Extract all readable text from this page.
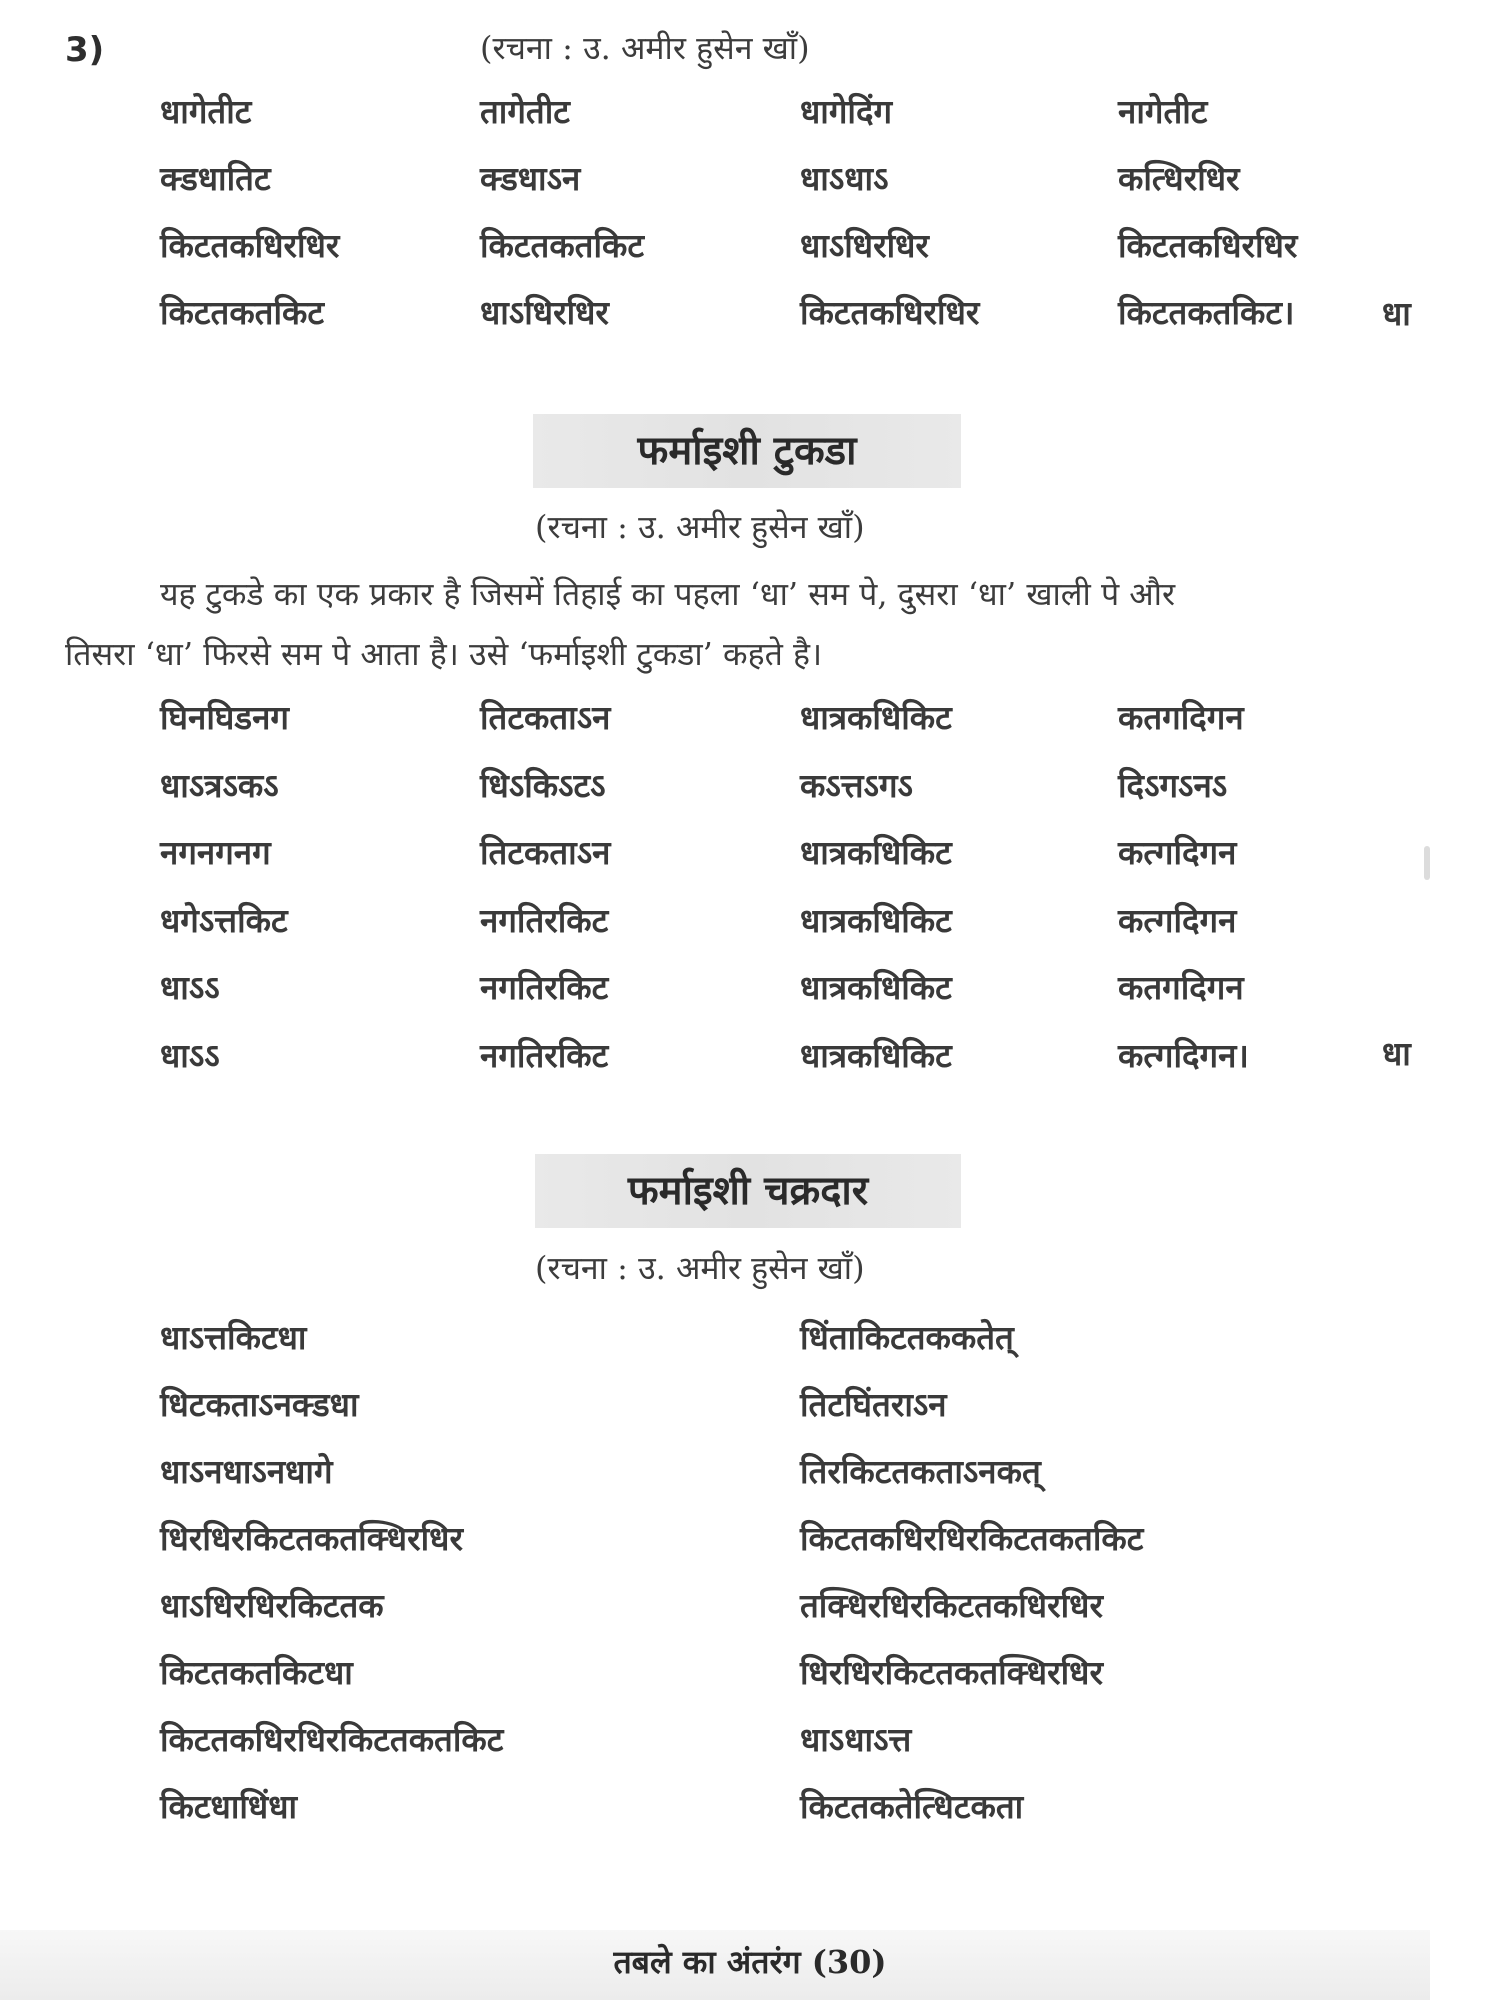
3)	(रचना : उ. अमीर हुसेन खाँ)
धागेतीट	तागेतीट	धागेदिंग	नागेतीट
क्डधातिट	क्डधाऽन	धाऽधाऽ	कत्धिरधिर
किटतकधिरधिर	किटतकतकिट	धाऽधिरधिर	किटतकधिरधिर
किटतकतकिट	धाऽधिरधिर	किटतकधिरधिर	किटतकतकिट।	धा
फर्माइशी टुकडा
(रचना : उ. अमीर हुसेन खाँ)
यह टुकडे का एक प्रकार है जिसमें तिहाई का पहला ‘धा’ सम पे, दुसरा ‘धा’ खाली पे और
तिसरा ‘धा’ फिरसे सम पे आता है। उसे ‘फर्माइशी टुकडा’ कहते है।
घिनघिडनग	तिटकताऽन	धात्रकधिकिट	कतगदिगन
धाऽत्रऽकऽ	धिऽकिऽटऽ	कऽत्तऽगऽ	दिऽगऽनऽ
नगनगनग	तिटकताऽन	धात्रकधिकिट	कत्गदिगन
धगेऽत्तकिट	नगतिरकिट	धात्रकधिकिट	कत्गदिगन
धाऽऽ	नगतिरकिट	धात्रकधिकिट	कतगदिगन
धाऽऽ	नगतिरकिट	धात्रकधिकिट	कत्गदिगन।	धा
फर्माइशी चक्रदार
(रचना : उ. अमीर हुसेन खाँ)
धाऽत्तकिटधा	धिंताकिटतककतेत्
धिटकताऽनक्डधा	तिटघिंतराऽन
धाऽनधाऽनधागे	तिरकिटतकताऽनकत्
धिरधिरकिटतकतक्धिरधिर	किटतकधिरधिरकिटतकतकिट
धाऽधिरधिरकिटतक	तक्धिरधिरकिटतकधिरधिर
किटतकतकिटधा	धिरधिरकिटतकतक्धिरधिर
किटतकधिरधिरकिटतकतकिट	धाऽधाऽत्त
किटधाधिंधा	किटतकतेत्धिटकता
तबले का अंतरंग (30)
